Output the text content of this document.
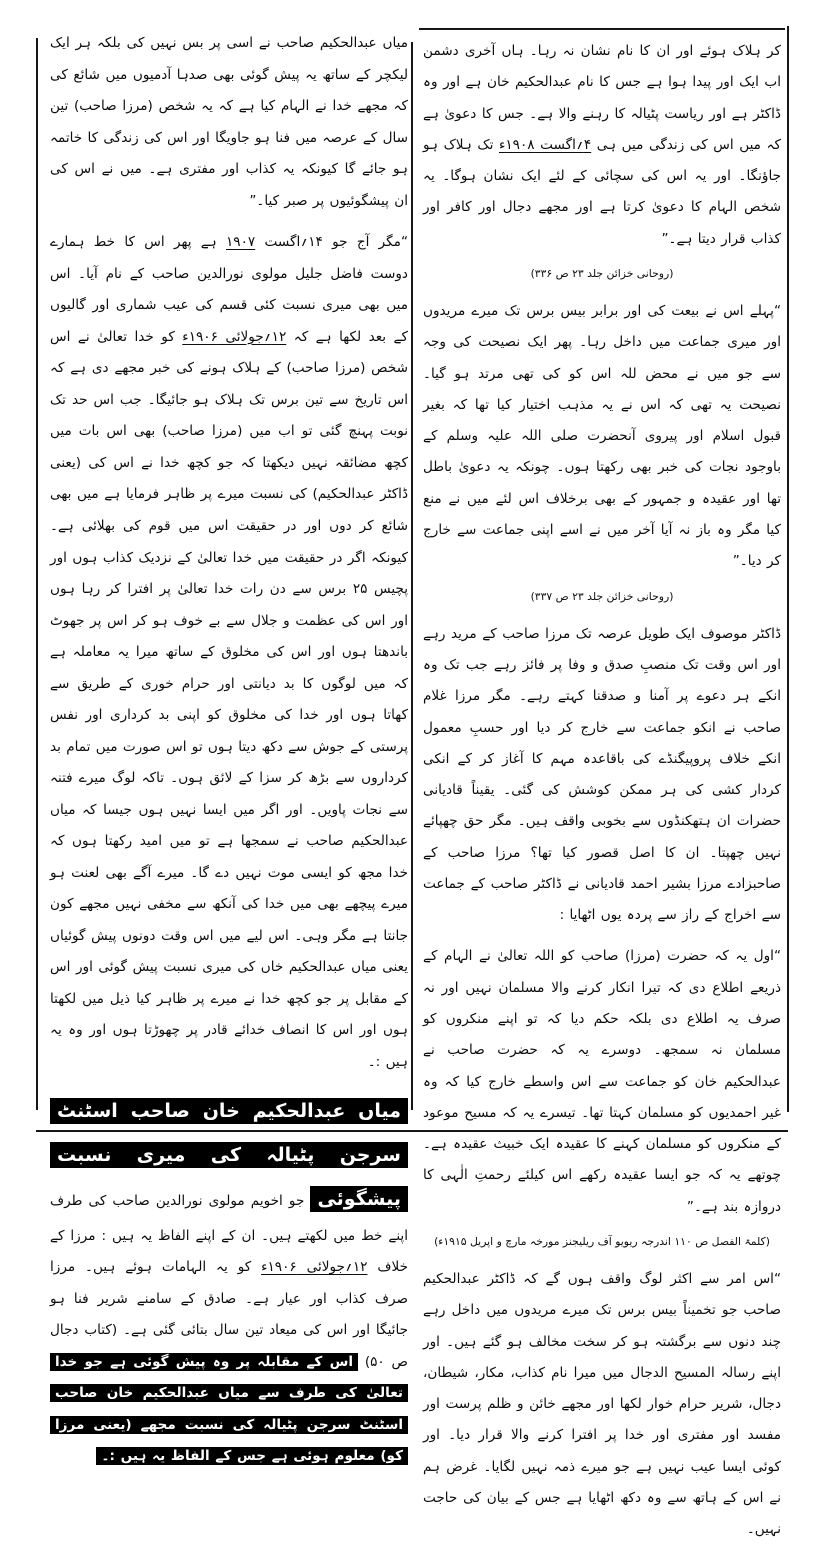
میاں عبدالحکیم صاحب نے اسی پر بس نہیں کی بلکہ ہر ایک لیکچر کے ساتھ یہ پیش گوئی بھی صدہا آدمیوں میں شائع کی کہ مجھے خدا نے الہام کیا ہے کہ یہ شخص (مرزا صاحب) تین سال کے عرصہ میں فنا ہو جاویگا اور اس کی زندگی کا خاتمہ ہو جائے گا کیونکہ یہ کذاب اور مفتری ہے۔ میں نے اس کی ان پیشگوئیوں پر صبر کیا۔”

“مگر آج جو ۱۴؍اگست ۱۹۰۷ ہے پھر اس کا خط ہمارے دوست فاضل جلیل مولوی نورالدین صاحب کے نام آیا۔ اس میں بھی میری نسبت کئی قسم کی عیب شماری اور گالیوں کے بعد لکھا ہے کہ ۱۲؍جولائی ۱۹۰۶ء کو خدا تعالیٰ نے اس شخص (مرزا صاحب) کے ہلاک ہونے کی خبر مجھے دی ہے کہ اس تاریخ سے تین برس تک ہلاک ہو جائیگا۔ جب اس حد تک نوبت پہنچ گئی تو اب میں (مرزا صاحب) بھی اس بات میں کچھ مضائقہ نہیں دیکھتا کہ جو کچھ خدا نے اس کی (یعنی ڈاکٹر عبدالحکیم) کی نسبت میرے پر ظاہر فرمایا ہے میں بھی شائع کر دوں اور در حقیقت اس میں قوم کی بھلائی ہے۔ کیونکہ اگر در حقیقت میں خدا تعالیٰ کے نزدیک کذاب ہوں اور پچیس ۲۵ برس سے دن رات خدا تعالیٰ پر افترا کر رہا ہوں اور اس کی عظمت و جلال سے بے خوف ہو کر اس پر جھوٹ باندھتا ہوں اور اس کی مخلوق کے ساتھ میرا یہ معاملہ ہے کہ میں لوگوں کا بد دیانتی اور حرام خوری کے طریق سے کھاتا ہوں اور خدا کی مخلوق کو اپنی بد کرداری اور نفس پرستی کے جوش سے دکھ دیتا ہوں تو اس صورت میں تمام بد کرداروں سے بڑھ کر سزا کے لائق ہوں۔ تاکہ لوگ میرے فتنہ سے نجات پاویں۔ اور اگر میں ایسا نہیں ہوں جیسا کہ میاں عبدالحکیم صاحب نے سمجھا ہے تو میں امید رکھتا ہوں کہ خدا مجھ کو ایسی موت نہیں دے گا۔ میرے آگے بھی لعنت ہو میرے پیچھے بھی میں خدا کی آنکھ سے مخفی نہیں مجھے کون جانتا ہے مگر وہی۔ اس لیے میں اس وقت دونوں پیش گوئیاں یعنی میاں عبدالحکیم خاں کی میری نسبت پیش گوئی اور اس کے مقابل پر جو کچھ خدا نے میرے پر ظاہر کیا ذیل میں لکھتا ہوں اور اس کا انصاف خدائے قادر پر چھوڑتا ہوں اور وہ یہ ہیں :۔

میاں عبدالحکیم خان صاحب اسٹنٹ سرجن پٹیالہ کی میری نسبت پیشگوئی جو اخویم مولوی نورالدین صاحب کی طرف اپنے خط میں لکھتے ہیں۔ ان کے اپنے الفاظ یہ ہیں : مرزا کے خلاف ۱۲؍جولائی ۱۹۰۶ء کو یہ الہامات ہوئے ہیں۔ مرزا صرف کذاب اور عیار ہے۔ صادق کے سامنے شریر فنا ہو جائیگا اور اس کی میعاد تین سال بتائی گئی ہے۔ (کتاب دجال ص ۵۰) اس کے مقابلہ پر وہ پیش گوئی ہے جو خدا تعالیٰ کی طرف سے میاں عبدالحکیم خان صاحب اسٹنٹ سرجن پٹیالہ کی نسبت مجھے (یعنی مرزا کو) معلوم ہوئی ہے جس کے الفاظ یہ ہیں :۔

کر ہلاک ہوئے اور ان کا نام نشان نہ رہا۔ ہاں آخری دشمن اب ایک اور پیدا ہوا ہے جس کا نام عبدالحکیم خان ہے اور وہ ڈاکٹر ہے اور ریاست پٹیالہ کا رہنے والا ہے۔ جس کا دعویٰ ہے کہ میں اس کی زندگی میں ہی ۴؍اگست ۱۹۰۸ء تک ہلاک ہو جاؤنگا۔ اور یہ اس کی سچائی کے لئے ایک نشان ہوگا۔ یہ شخص الہام کا دعویٰ کرتا ہے اور مجھے دجال اور کافر اور کذاب قرار دیتا ہے۔”

(روحانی خزائن جلد ۲۳ ص ۳۳۶)

“پہلے اس نے بیعت کی اور برابر بیس برس تک میرے مریدوں اور میری جماعت میں داخل رہا۔ پھر ایک نصیحت کی وجہ سے جو میں نے محض للہ اس کو کی تھی مرتد ہو گیا۔ نصیحت یہ تھی کہ اس نے یہ مذہب اختیار کیا تھا کہ بغیر قبول اسلام اور پیروی آنحضرت صلی اللہ علیہ وسلم کے باوجود نجات کی خبر بھی رکھتا ہوں۔ چونکہ یہ دعویٰ باطل تھا اور عقیدہ و جمہور کے بھی برخلاف اس لئے میں نے منع کیا مگر وہ باز نہ آیا آخر میں نے اسے اپنی جماعت سے خارج کر دیا۔”

(روحانی خزائن جلد ۲۳ ص ۳۳۷)

ڈاکٹر موصوف ایک طویل عرصہ تک مرزا صاحب کے مرید رہے اور اس وقت تک منصبِ صدق و وفا پر فائز رہے جب تک وہ انکے ہر دعوے پر آمنا و صدقنا کہتے رہے۔ مگر مرزا غلام صاحب نے انکو جماعت سے خارج کر دیا اور حسبِ معمول انکے خلاف پروپیگنڈے کی باقاعدہ مہم کا آغاز کر کے انکی کردار کشی کی ہر ممکن کوشش کی گئی۔ یقیناً قادیانی حضرات ان ہتھکنڈوں سے بخوبی واقف ہیں۔ مگر حق چھپائے نہیں چھپتا۔ ان کا اصل قصور کیا تھا؟ مرزا صاحب کے صاحبزادے مرزا بشیر احمد قادیانی نے ڈاکٹر صاحب کے جماعت سے اخراج کے راز سے پردہ یوں اٹھایا :

“اول یہ کہ حضرت (مرزا) صاحب کو اللہ تعالیٰ نے الہام کے ذریعے اطلاع دی کہ تیرا انکار کرنے والا مسلمان نہیں اور نہ صرف یہ اطلاع دی بلکہ حکم دیا کہ تو اپنے منکروں کو مسلمان نہ سمجھ۔ دوسرے یہ کہ حضرت صاحب نے عبدالحکیم خان کو جماعت سے اس واسطے خارج کیا کہ وہ غیر احمدیوں کو مسلمان کہتا تھا۔ تیسرے یہ کہ مسیح موعود کے منکروں کو مسلمان کہنے کا عقیدہ ایک خبیث عقیدہ ہے۔ چوتھے یہ کہ جو ایسا عقیدہ رکھے اس کیلئے رحمتِ الٰہی کا دروازہ بند ہے۔”

(کلمۃ الفصل ص ۱۱۰ اندرجہ ریویو آف ریلیجنز مورخہ مارچ و اپریل ۱۹۱۵ء)

“اس امر سے اکثر لوگ واقف ہوں گے کہ ڈاکٹر عبدالحکیم صاحب جو تخمیناً بیس برس تک میرے مریدوں میں داخل رہے چند دنوں سے برگشتہ ہو کر سخت مخالف ہو گئے ہیں۔ اور اپنے رسالہ المسیح الدجال میں میرا نام کذاب، مکار، شیطان، دجال، شریر حرام خوار لکھا اور مجھے خائن و ظلم پرست اور مفسد اور مفتری اور خدا پر افترا کرنے والا قرار دیا۔ اور کوئی ایسا عیب نہیں ہے جو میرے ذمہ نہیں لگایا۔ غرض ہم نے اس کے ہاتھ سے وہ دکھ اٹھایا ہے جس کے بیان کی حاجت نہیں۔
